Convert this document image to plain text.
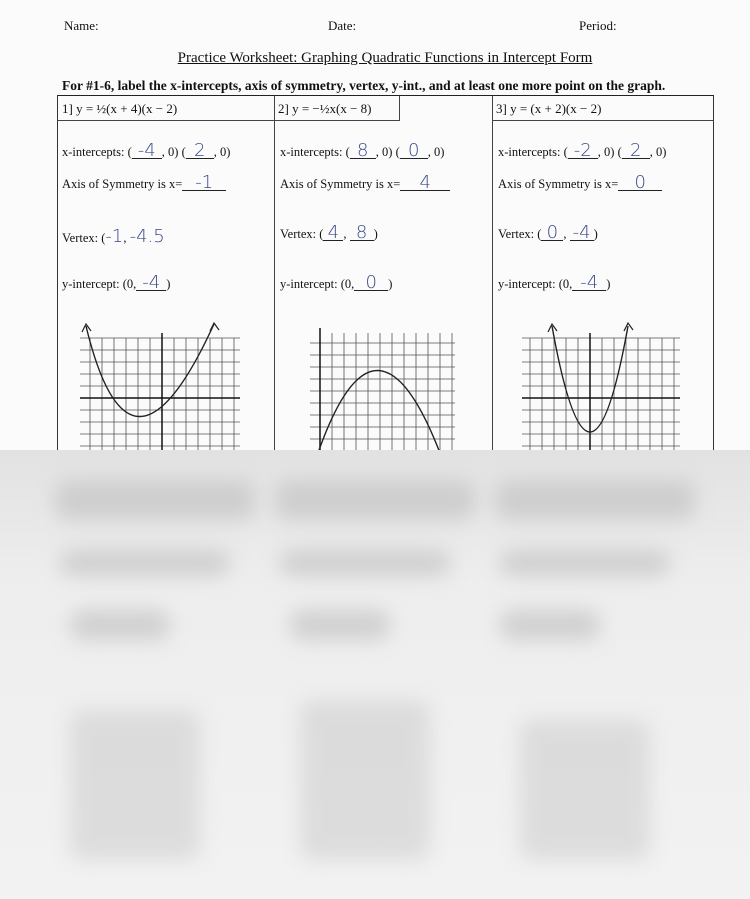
Name:	Date:	Period:
Practice Worksheet: Graphing Quadratic Functions in Intercept Form
For #1-6, label the x-intercepts, axis of symmetry, vertex, y-int., and at least one more point on the graph.
1] y = ½(x + 4)(x − 2)
x-intercepts: ( -4 , 0) ( 2 , 0)
Axis of Symmetry is x= -1
Vertex: (-1, -4.5
y-intercept: (0, -4 )
2] y = −½x(x − 8)
x-intercepts: ( 8 , 0) ( 0 , 0)
Axis of Symmetry is x= 4
Vertex: ( 4 , 8 )
y-intercept: (0, 0 )
3] y = (x + 2)(x − 2)
x-intercepts: ( -2 , 0) ( 2 , 0)
Axis of Symmetry is x= 0
Vertex: ( 0 , -4 )
y-intercept: (0, -4 )
